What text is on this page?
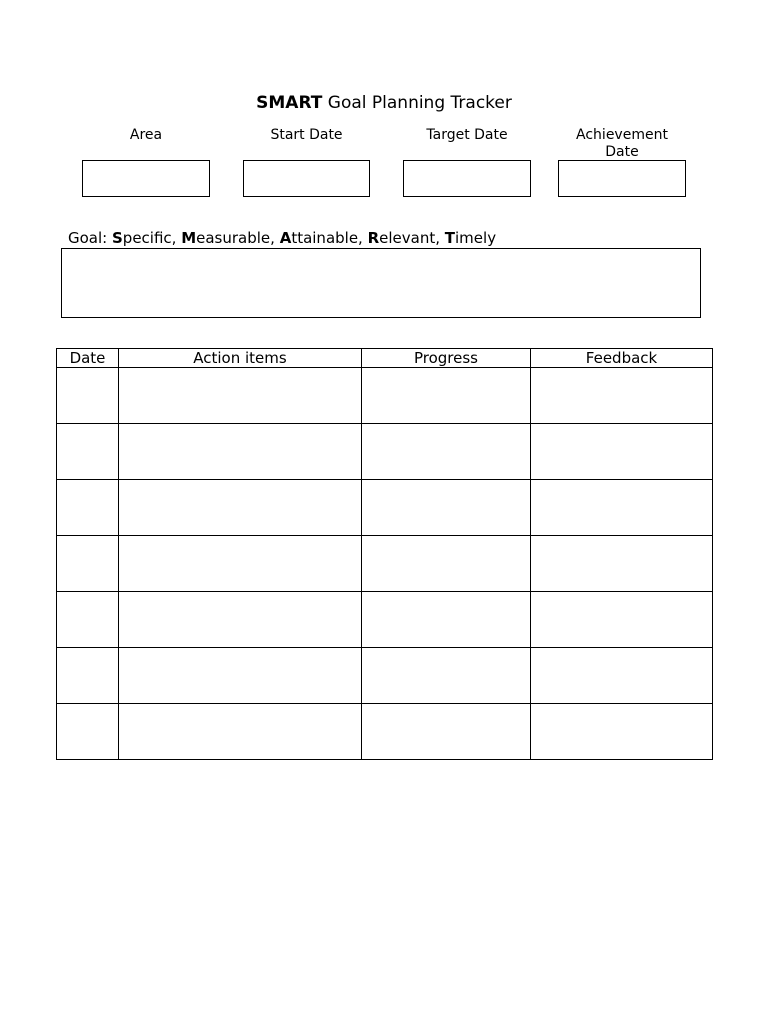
SMART Goal Planning Tracker
Area	Start Date	Target Date	Achievement Date
Goal: Specific, Measurable, Attainable, Relevant, Timely
Date	Action items	Progress	Feedback
